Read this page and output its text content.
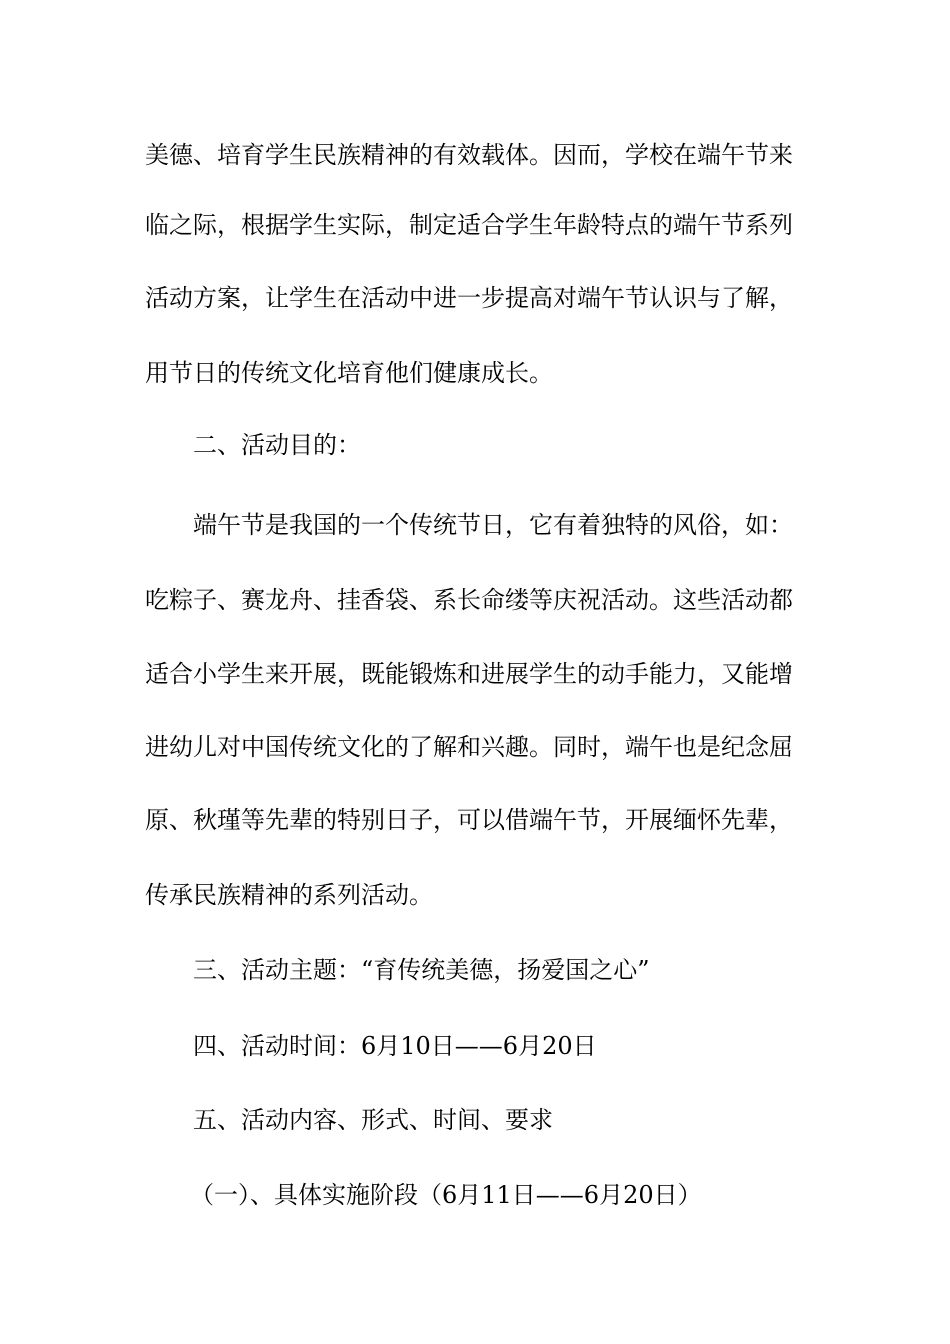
美德、培育学生民族精神的有效载体。因而，学校在端午节来
临之际，根据学生实际，制定适合学生年龄特点的端午节系列
活动方案，让学生在活动中进一步提高对端午节认识与了解，
用节日的传统文化培育他们健康成长。
二、活动目的：
端午节是我国的一个传统节日，它有着独特的风俗，如：
吃粽子、赛龙舟、挂香袋、系长命缕等庆祝活动。这些活动都
适合小学生来开展，既能锻炼和进展学生的动手能力，又能增
进幼儿对中国传统文化的了解和兴趣。同时，端午也是纪念屈
原、秋瑾等先辈的特别日子，可以借端午节，开展缅怀先辈，
传承民族精神的系列活动。
三、活动主题：“育传统美德，扬爱国之心”
四、活动时间：6月10日——6月20日
五、活动内容、形式、时间、要求
（一）、具体实施阶段（6月11日——6月20日）
